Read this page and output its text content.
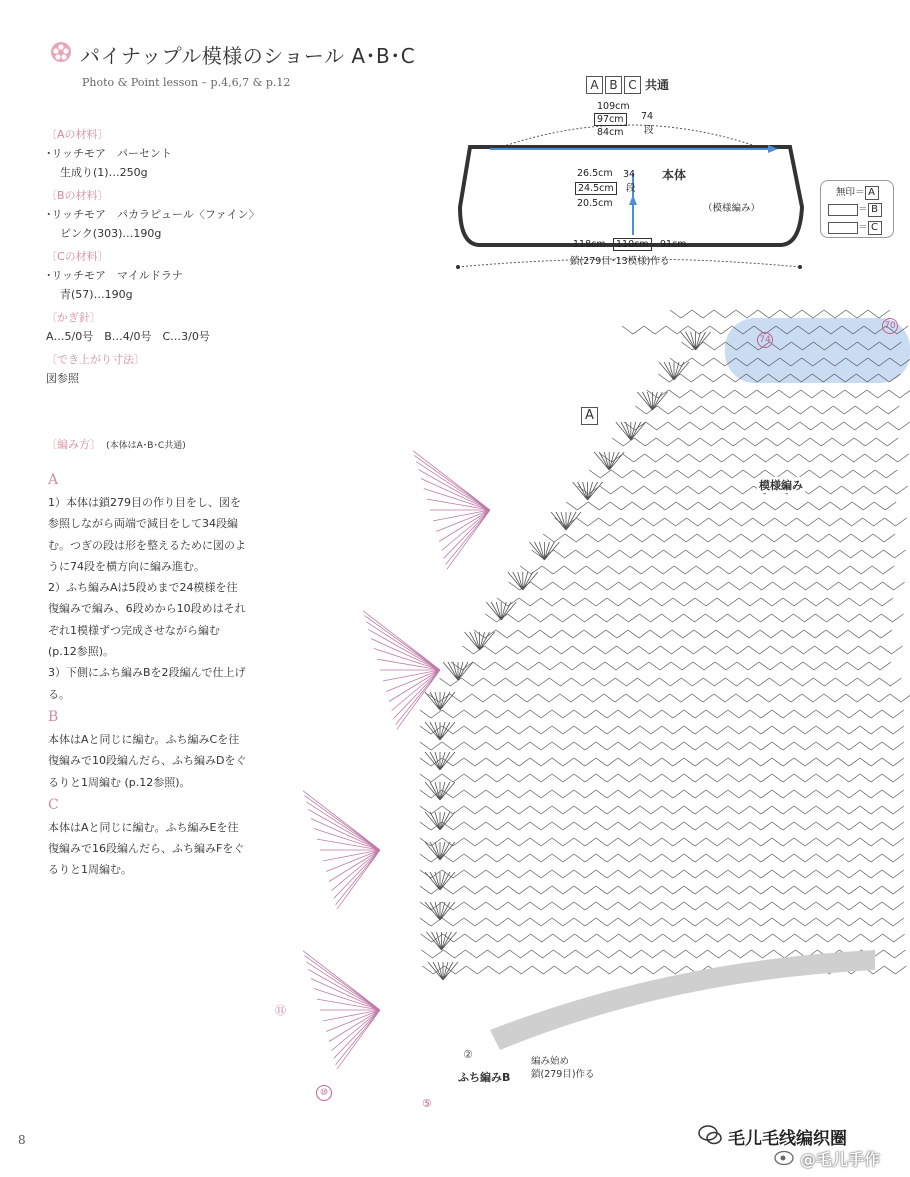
パイナップル模様のショール A･B･C
Photo & Point lesson – p.4,6,7 & p.12
〔Aの材料〕
･リッチモア　パーセント
生成り(1)…250g
〔Bの材料〕
･リッチモア　パカラピュール〈ファイン〉
ピンク(303)…190g
〔Cの材料〕
･リッチモア　マイルドラナ
青(57)…190g
〔かぎ針〕
A…5/0号　B…4/0号　C…3/0号
〔でき上がり寸法〕
図参照
〔編み方〕 (本体はA･B･C共通)
A
1）本体は鎖279目の作り目をし、図を参照しながら両端で減目をして34段編む。つぎの段は形を整えるために図のように74段を横方向に編み進む。
2）ふち編みAは5段めまで24模様を往復編みで編み、6段めから10段めはそれぞれ1模様ずつ完成させながら編む (p.12参照)。
3）下側にふち編みBを2段編んで仕上げる。
B
本体はAと同じに編む。ふち編みCを往復編みで10段編んだら、ふち編みDをぐるりと1周編む (p.12参照)。
C
本体はAと同じに編む。ふち編みEを往復編みで16段編んだら、ふち編みFをぐるりと1周編む。
A B C 共通
109cm
97cm
84cm
74
段
26.5cm
24.5cm
20.5cm
34
段
本体
（模様編み）
118cm	110cm	91cm
鎖(279目･13模様)作る
無印＝ A
＝ B
＝ C
A
模様編み
74
70
編み始め
鎖(279目)作る
ふち編みB
②
⑪
⑩
⑤
8	毛儿毛线编织圈
@毛儿手作
